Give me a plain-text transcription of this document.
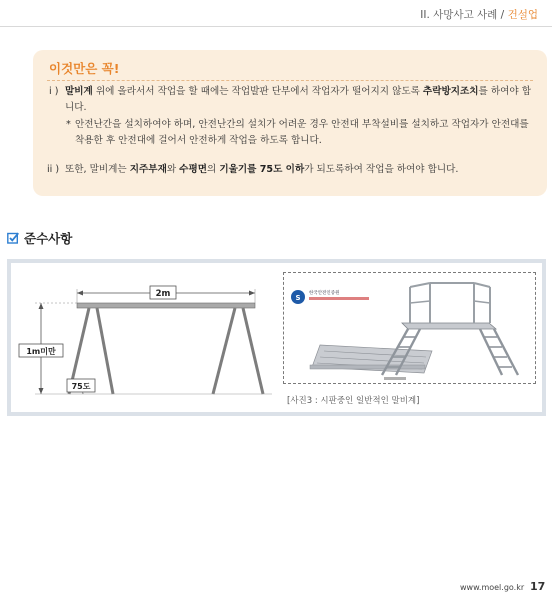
II. 사망사고 사례 / 건설업
이것만은 꼭!
i ) 말비계 위에 올라서서 작업을 할 때에는 작업발판 단부에서 작업자가 떨어지지 않도록 추락방지조치를 하여야 합니다.
* 안전난간을 설치하여야 하며, 안전난간의 설치가 어려운 경우 안전대 부착설비를 설치하고 작업자가 안전대를 착용한 후 안전대에 걸어서 안전하게 작업을 하도록 합니다.
ii ) 또한, 말비계는 지주부재와 수평면의 기울기를 75도 이하가 되도록하여 작업을 하여야 합니다.
준수사항
2m
1m미만
75도
S
한국안전인증원
[사진3 : 시판중인 일반적인 말비계]
www.moel.go.kr 17
